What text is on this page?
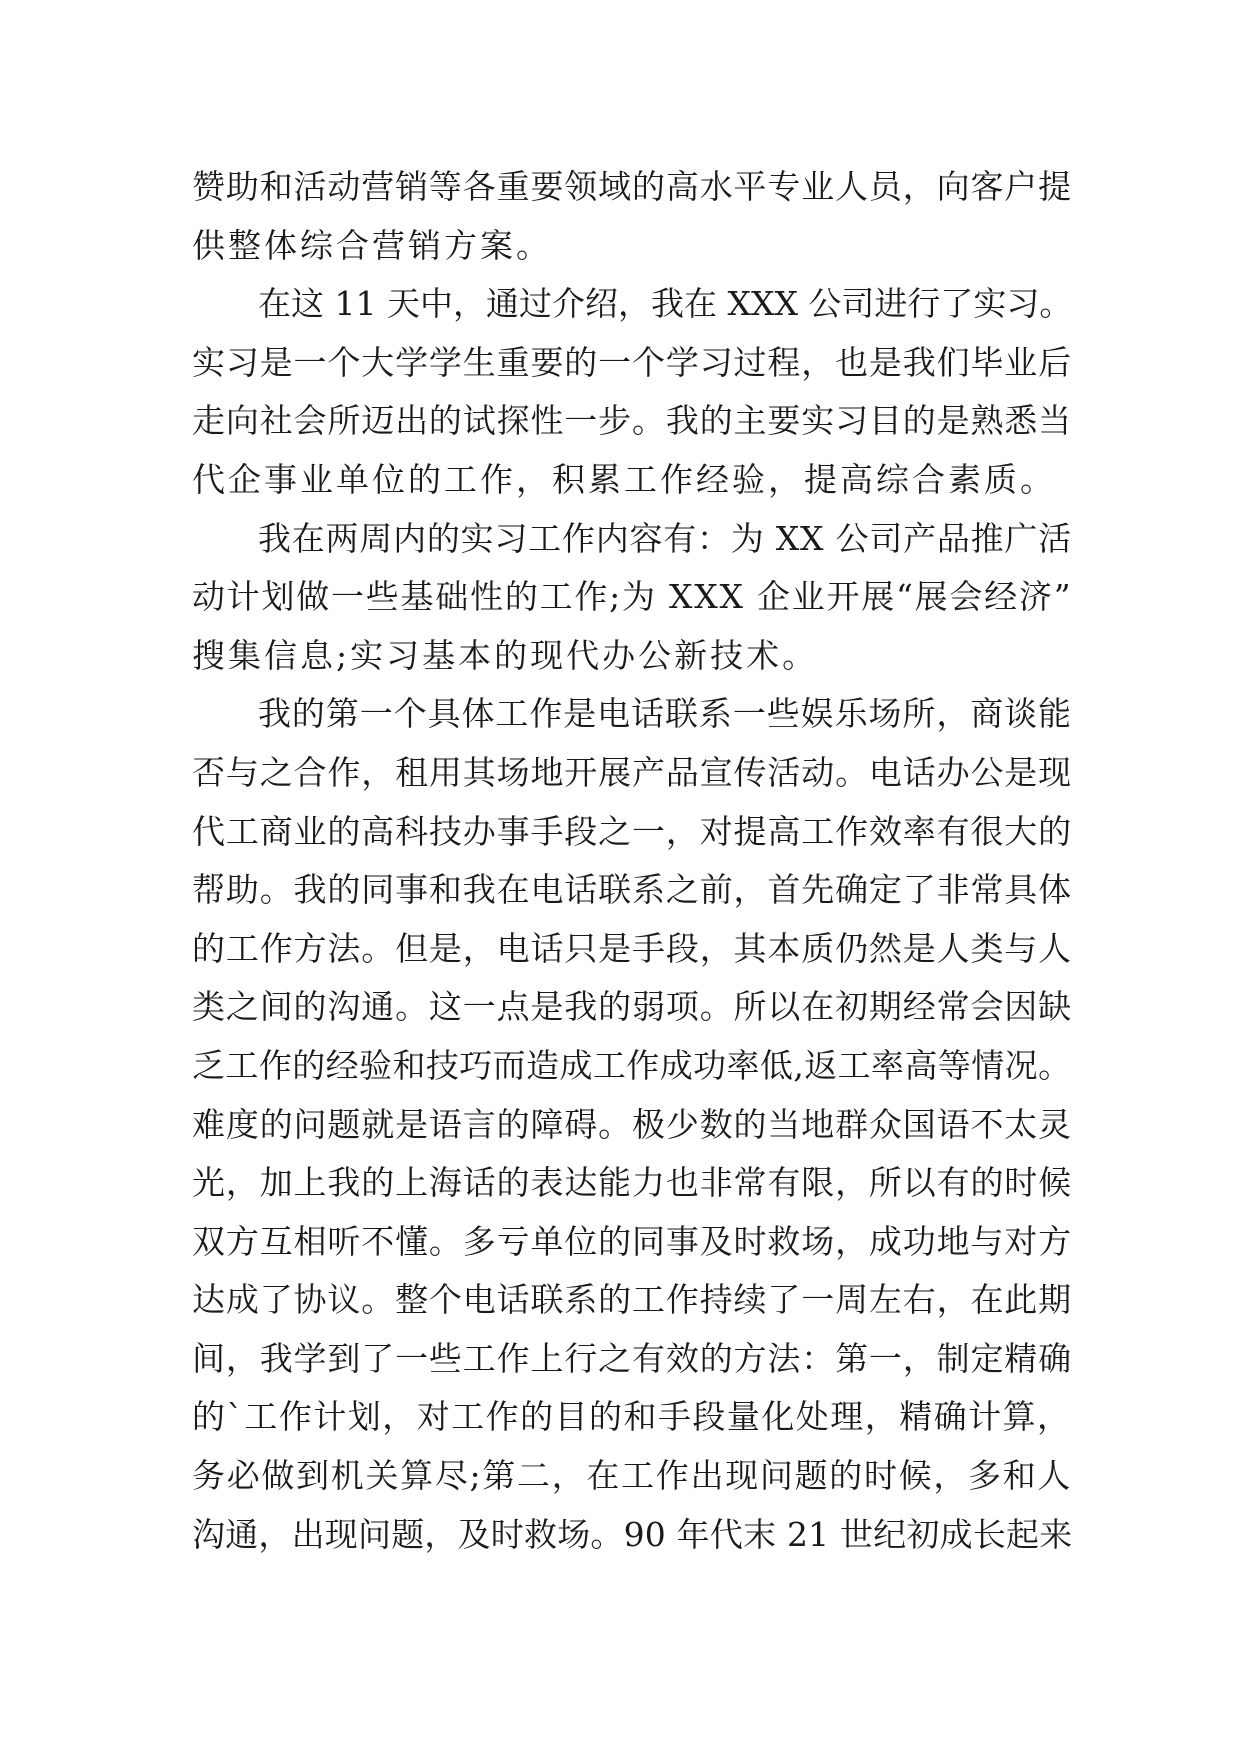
赞助和活动营销等各重要领域的高水平专业人员，向客户提
供整体综合营销方案。
在这 11 天中，通过介绍，我在 XXX 公司进行了实习。
实习是一个大学学生重要的一个学习过程，也是我们毕业后
走向社会所迈出的试探性一步。我的主要实习目的是熟悉当
代企事业单位的工作，积累工作经验，提高综合素质。
我在两周内的实习工作内容有：为 XX 公司产品推广活
动计划做一些基础性的工作;为 XXX 企业开展“展会经济”
搜集信息;实习基本的现代办公新技术。
我的第一个具体工作是电话联系一些娱乐场所，商谈能
否与之合作，租用其场地开展产品宣传活动。电话办公是现
代工商业的高科技办事手段之一，对提高工作效率有很大的
帮助。我的同事和我在电话联系之前，首先确定了非常具体
的工作方法。但是，电话只是手段，其本质仍然是人类与人
类之间的沟通。这一点是我的弱项。所以在初期经常会因缺
乏工作的经验和技巧而造成工作成功率低,返工率高等情况。
难度的问题就是语言的障碍。极少数的当地群众国语不太灵
光，加上我的上海话的表达能力也非常有限，所以有的时候
双方互相听不懂。多亏单位的同事及时救场，成功地与对方
达成了协议。整个电话联系的工作持续了一周左右，在此期
间，我学到了一些工作上行之有效的方法：第一，制定精确
的`工作计划，对工作的目的和手段量化处理，精确计算，
务必做到机关算尽;第二，在工作出现问题的时候，多和人
沟通，出现问题，及时救场。90 年代末 21 世纪初成长起来
